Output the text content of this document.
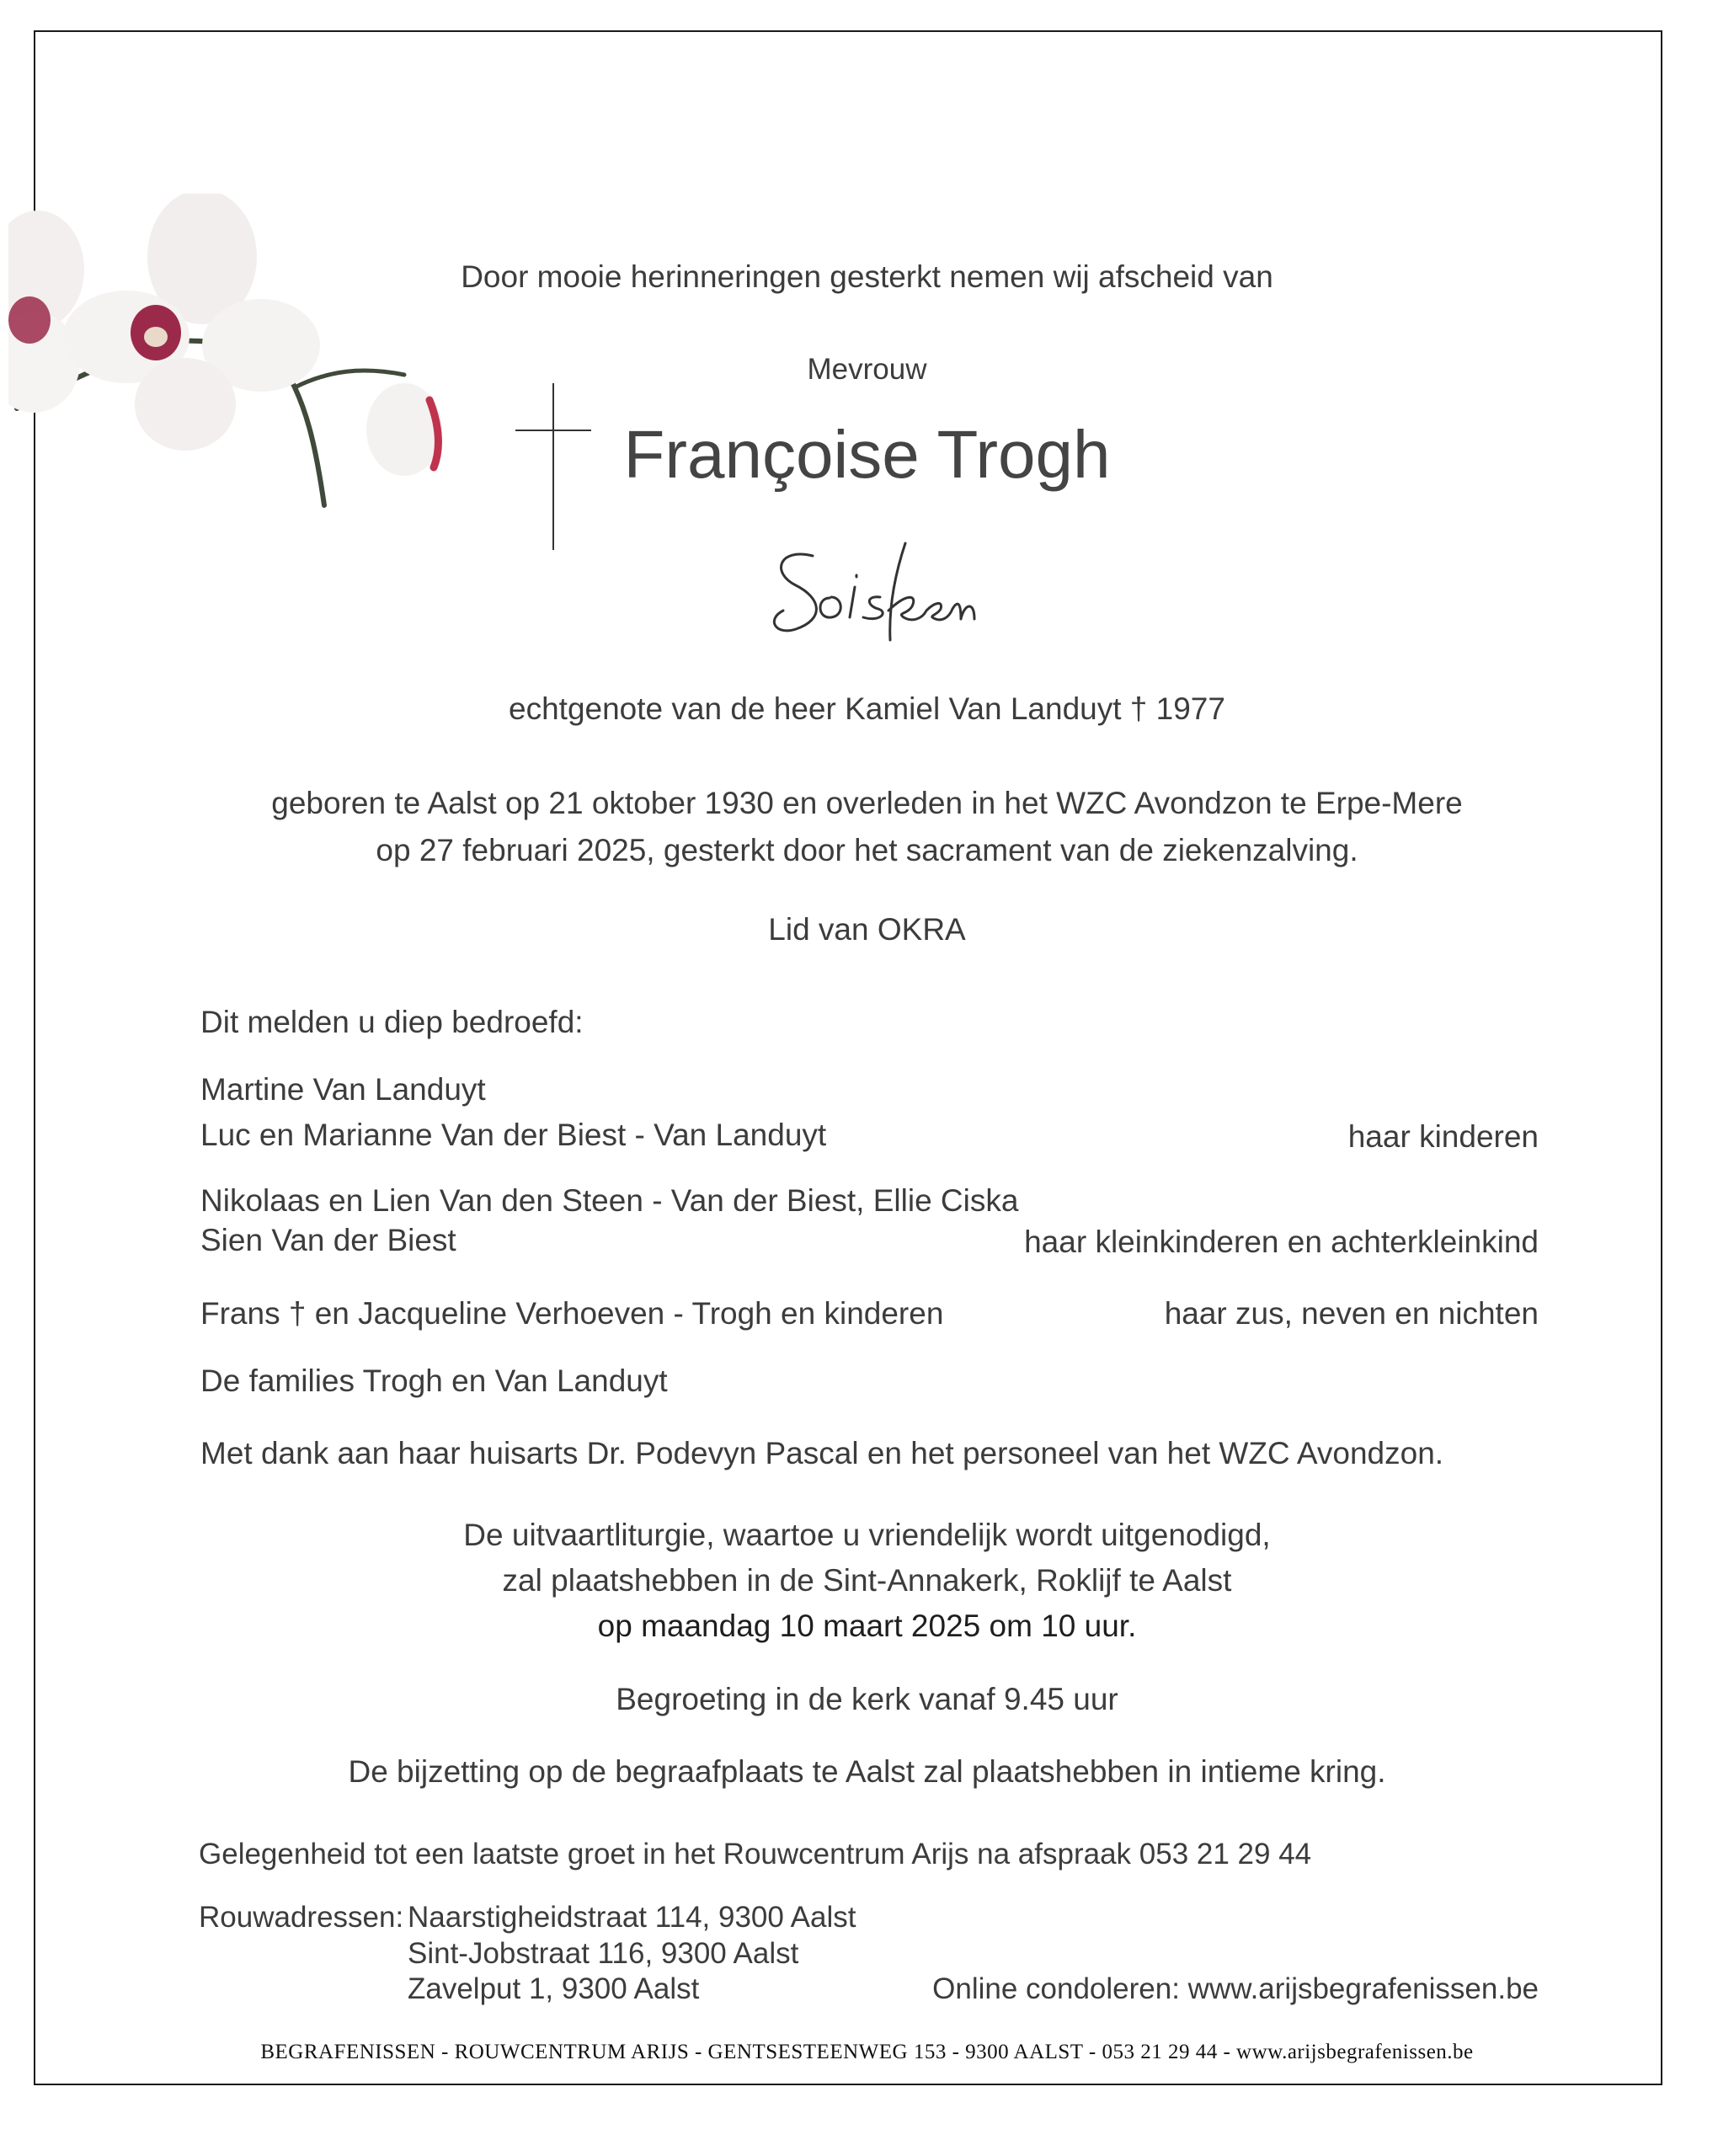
Door mooie herinneringen gesterkt nemen wij afscheid van
Mevrouw
Françoise Trogh
echtgenote van de heer Kamiel Van Landuyt † 1977
geboren te Aalst op 21 oktober 1930 en overleden in het WZC Avondzon te Erpe-Mere
op 27 februari 2025, gesterkt door het sacrament van de ziekenzalving.
Lid van OKRA
Dit melden u diep bedroefd:
Martine Van Landuyt
Luc en Marianne Van der Biest - Van Landuyt	haar kinderen
Nikolaas en Lien Van den Steen - Van der Biest, Ellie Ciska
Sien Van der Biest	haar kleinkinderen en achterkleinkind
Frans † en Jacqueline Verhoeven - Trogh en kinderen	haar zus, neven en nichten
De families Trogh en Van Landuyt
Met dank aan haar huisarts Dr. Podevyn Pascal en het personeel van het WZC Avondzon.
De uitvaartliturgie, waartoe u vriendelijk wordt uitgenodigd,
zal plaatshebben in de Sint-Annakerk, Roklijf te Aalst
op maandag 10 maart 2025 om 10 uur.
Begroeting in de kerk vanaf 9.45 uur
De bijzetting op de begraafplaats te Aalst zal plaatshebben in intieme kring.
Gelegenheid tot een laatste groet in het Rouwcentrum Arijs na afspraak 053 21 29 44
Rouwadressen: Naarstigheidstraat 114, 9300 Aalst
Sint-Jobstraat 116, 9300 Aalst
Zavelput 1, 9300 Aalst	Online condoleren: www.arijsbegrafenissen.be
BEGRAFENISSEN - ROUWCENTRUM ARIJS - GENTSESTEENWEG 153 - 9300 AALST - 053 21 29 44 - www.arijsbegrafenissen.be
